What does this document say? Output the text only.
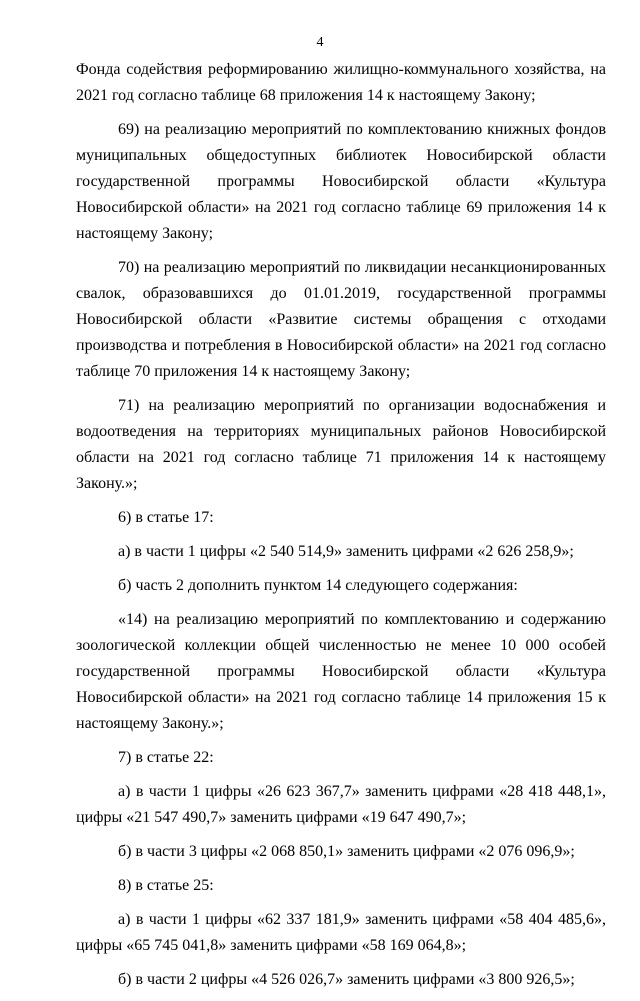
4

Фонда содействия реформированию жилищно-коммунального хозяйства, на 2021 год согласно таблице 68 приложения 14 к настоящему Закону;

69) на реализацию мероприятий по комплектованию книжных фондов муниципальных общедоступных библиотек Новосибирской области государственной программы Новосибирской области «Культура Новосибирской области» на 2021 год согласно таблице 69 приложения 14 к настоящему Закону;

70) на реализацию мероприятий по ликвидации несанкционированных свалок, образовавшихся до 01.01.2019, государственной программы Новосибирской области «Развитие системы обращения с отходами производства и потребления в Новосибирской области» на 2021 год согласно таблице 70 приложения 14 к настоящему Закону;

71) на реализацию мероприятий по организации водоснабжения и водоотведения на территориях муниципальных районов Новосибирской области на 2021 год согласно таблице 71 приложения 14 к настоящему Закону.»;

6) в статье 17:

а) в части 1 цифры «2 540 514,9» заменить цифрами «2 626 258,9»;

б) часть 2 дополнить пунктом 14 следующего содержания:

«14) на реализацию мероприятий по комплектованию и содержанию зоологической коллекции общей численностью не менее 10 000 особей государственной программы Новосибирской области «Культура Новосибирской области» на 2021 год согласно таблице 14 приложения 15 к настоящему Закону.»;

7) в статье 22:

а) в части 1 цифры «26 623 367,7» заменить цифрами «28 418 448,1», цифры «21 547 490,7» заменить цифрами «19 647 490,7»;

б) в части 3 цифры «2 068 850,1» заменить цифрами «2 076 096,9»;

8) в статье 25:

а) в части 1 цифры «62 337 181,9» заменить цифрами «58 404 485,6», цифры «65 745 041,8» заменить цифрами «58 169 064,8»;

б) в части 2 цифры «4 526 026,7» заменить цифрами «3 800 926,5»;
